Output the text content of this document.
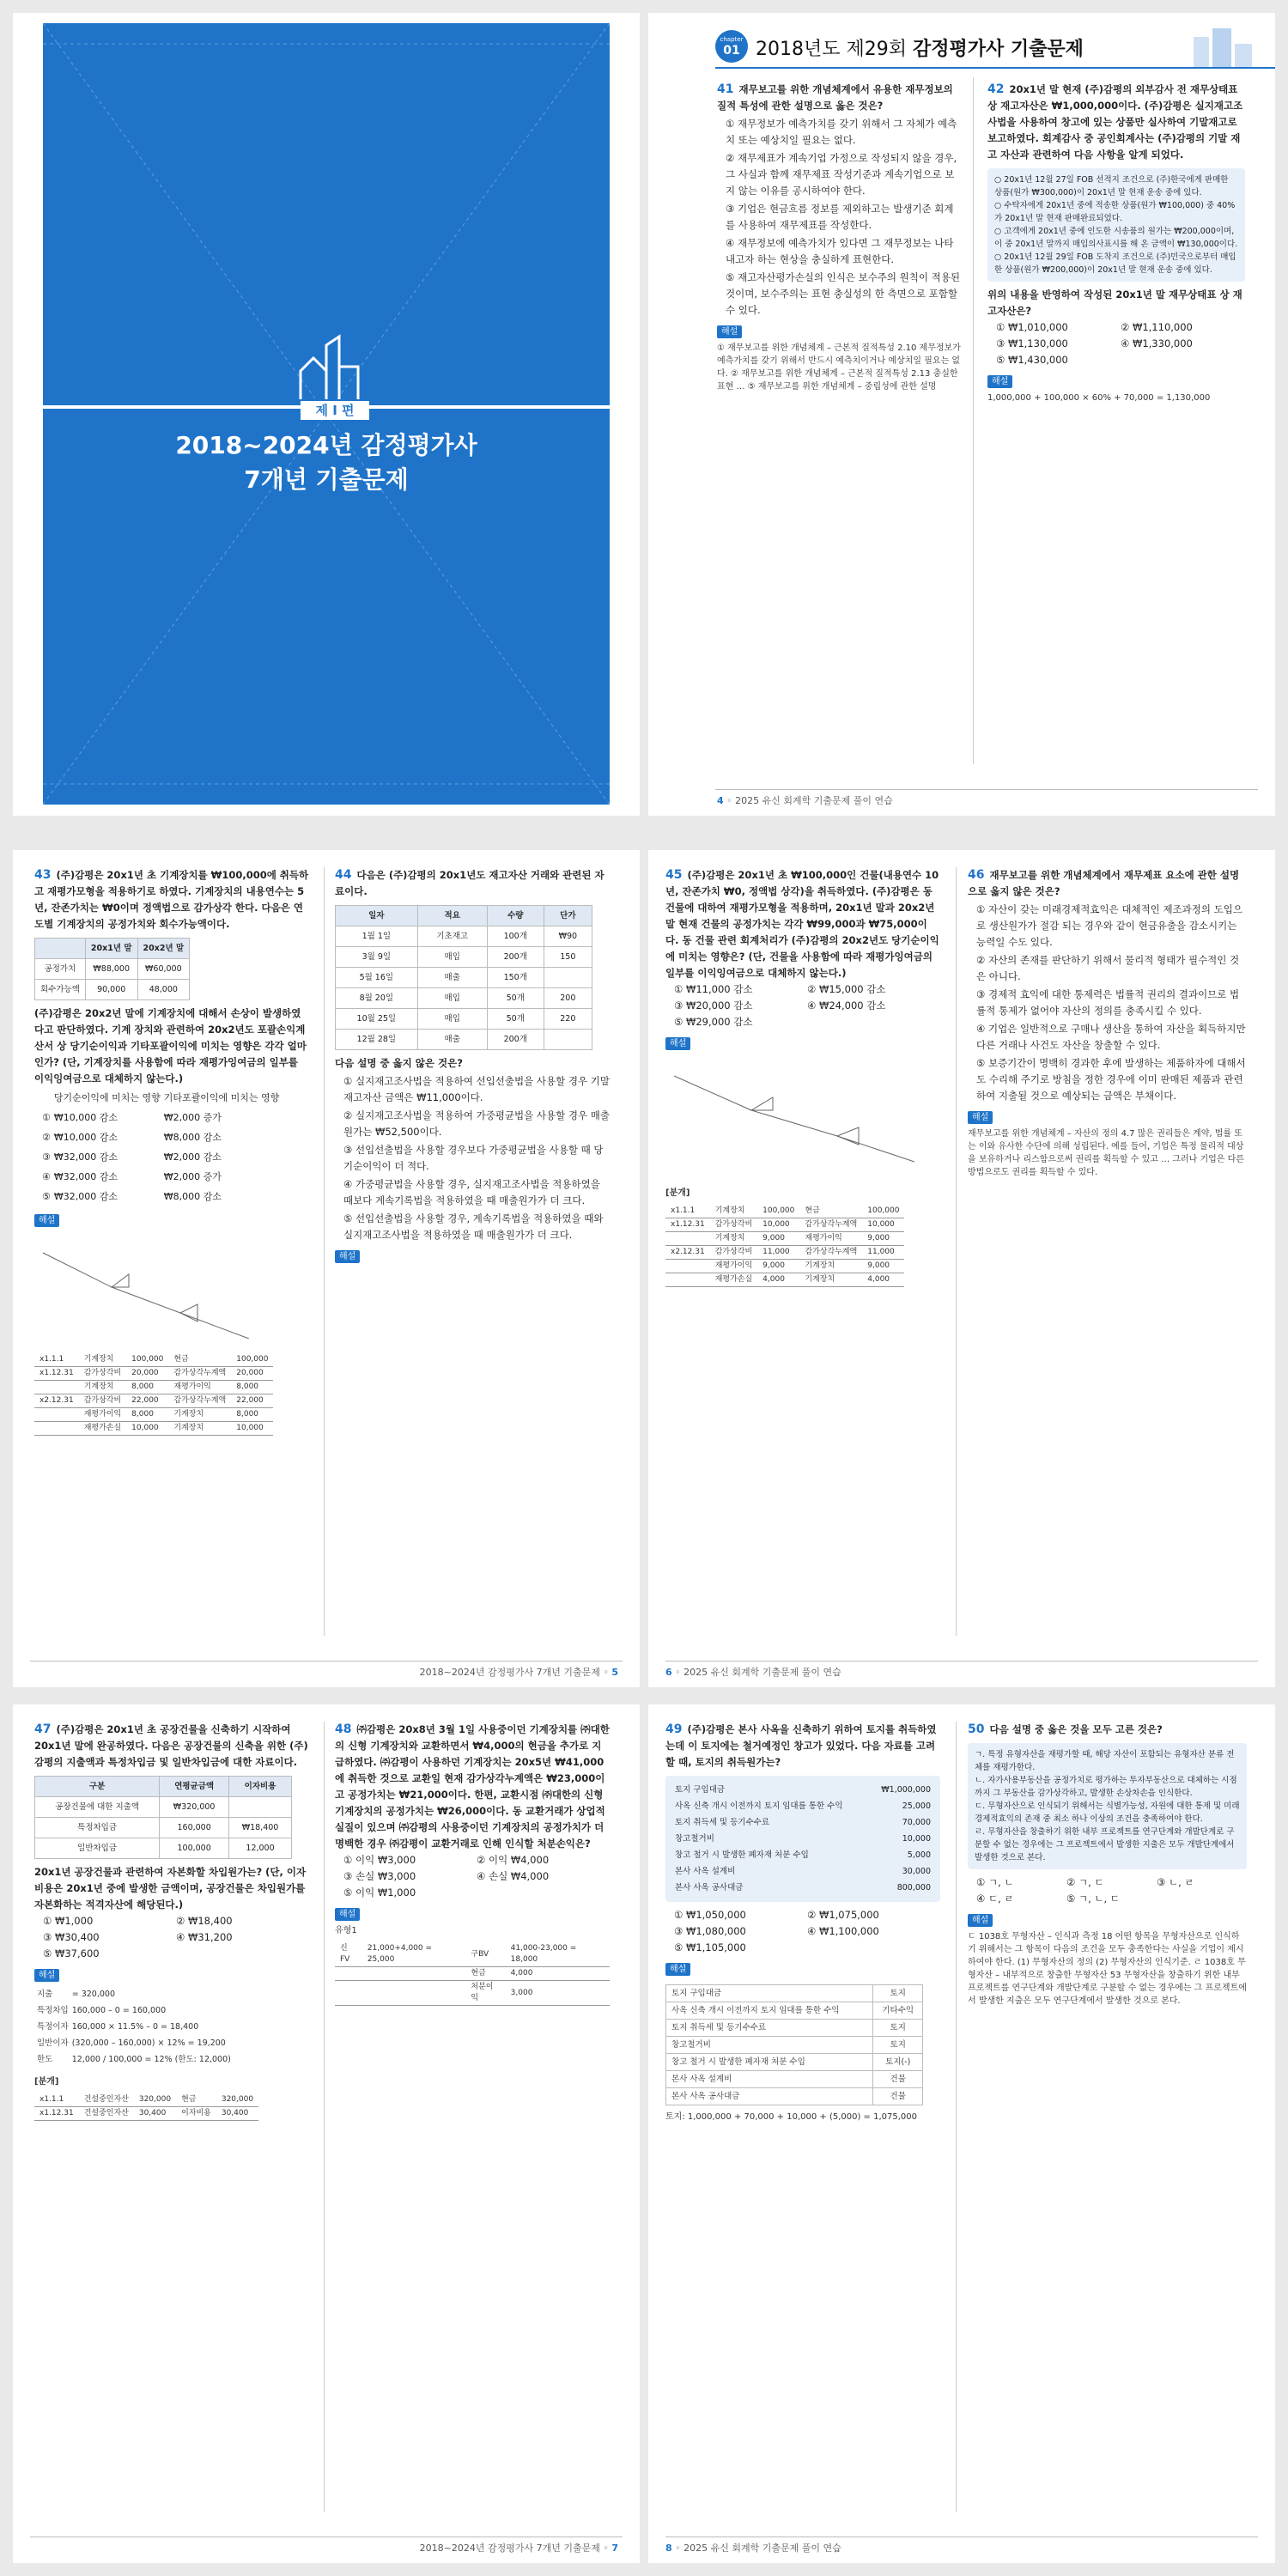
제 I 편
2018~2024년 감정평가사
7개년 기출문제
chapter
01 2018년도 제29회 감정평가사 기출문제
41 재무보고를 위한 개념체계에서 유용한 재무정보의 질적 특성에 관한 설명으로 옳은 것은?
① 재무정보가 예측가치를 갖기 위해서 그 자체가 예측치 또는 예상치일 필요는 없다.
② 재무제표가 계속기업 가정으로 작성되지 않을 경우, 그 사실과 함께 재무제표 작성기준과 계속기업으로 보지 않는 이유를 공시하여야 한다.
③ 기업은 현금흐름 정보를 제외하고는 발생기준 회계를 사용하여 재무제표를 작성한다.
④ 재무정보에 예측가치가 있다면 그 재무정보는 나타내고자 하는 현상을 충실하게 표현한다.
⑤ 재고자산평가손실의 인식은 보수주의 원칙이 적용된 것이며, 보수주의는 표현 충실성의 한 측면으로 포함할 수 있다.
해설
① 재무보고를 위한 개념체계 – 근본적 질적특성 2.10 제무정보가 예측가치를 갖기 위해서 반드시 예측치이거나 예상치일 필요는 없다. ② 재무보고를 위한 개념체계 – 근본적 질적특성 2.13 충실한 표현 … ⑤ 재무보고를 위한 개념체계 – 중립성에 관한 설명
42 20x1년 말 현재 (주)감평의 외부감사 전 재무상태표 상 재고자산은 ₩1,000,000이다. (주)감평은 실지재고조사법을 사용하여 창고에 있는 상품만 실사하여 기말재고로 보고하였다. 회계감사 중 공인회계사는 (주)감평의 기말 재고 자산과 관련하여 다음 사항을 알게 되었다.
○ 20x1년 12월 27일 FOB 선적지 조건으로 (주)한국에게 판매한 상품(원가 ₩300,000)이 20x1년 말 현재 운송 중에 있다.
○ 수탁자에게 20x1년 중에 적송한 상품(원가 ₩100,000) 중 40%가 20x1년 말 현재 판매완료되었다.
○ 고객에게 20x1년 중에 인도한 시송품의 원가는 ₩200,000이며, 이 중 20x1년 말까지 매입의사표시를 해 온 금액이 ₩130,000이다.
○ 20x1년 12월 29일 FOB 도착지 조건으로 (주)민국으로부터 매입한 상품(원가 ₩200,000)이 20x1년 말 현재 운송 중에 있다.
위의 내용을 반영하여 작성된 20x1년 말 재무상태표 상 재고자산은?
① ₩1,010,000	② ₩1,110,000
③ ₩1,130,000	④ ₩1,330,000
⑤ ₩1,430,000
해설
1,000,000 + 100,000 × 60% + 70,000 = 1,130,000
4 ◦ 2025 유신 회계학 기출문제 풀이 연습
43 (주)감평은 20x1년 초 기계장치를 ₩100,000에 취득하고 재평가모형을 적용하기로 하였다. 기계장치의 내용연수는 5년, 잔존가치는 ₩0이며 정액법으로 감가상각 한다. 다음은 연도별 기계장치의 공정가치와 회수가능액이다.
	20x1년 말	20x2년 말
공정가치	₩88,000	₩60,000
회수가능액	90,000	48,000
(주)감평은 20x2년 말에 기계장치에 대해서 손상이 발생하였다고 판단하였다. 기계 장치와 관련하여 20x2년도 포괄손익계산서 상 당기순이익과 기타포괄이익에 미치는 영향은 각각 얼마인가? (단, 기계장치를 사용함에 따라 재평가잉여금의 일부를 이익잉여금으로 대체하지 않는다.)
	당기순이익에 미치는 영향	기타포괄이익에 미치는 영향
①	₩10,000 감소	₩2,000 증가
②	₩10,000 감소	₩8,000 감소
③	₩32,000 감소	₩2,000 감소
④	₩32,000 감소	₩2,000 증가
⑤	₩32,000 감소	₩8,000 감소
해설
x1.1.1	기계장치	100,000	현금	100,000
x1.12.31	감가상각비	20,000	감가상각누계액	20,000
	기계장치	8,000	재평가이익	8,000
x2.12.31	감가상각비	22,000	감가상각누계액	22,000
	재평가이익	8,000	기계장치	8,000
	재평가손실	10,000	기계장치	10,000
44 다음은 (주)감평의 20x1년도 재고자산 거래와 관련된 자료이다.
일자	적요	수량	단가
1월 1일	기초재고	100개	₩90
3월 9일	매입	200개	150
5월 16일	매출	150개	
8월 20일	매입	50개	200
10월 25일	매입	50개	220
12월 28일	매출	200개	
다음 설명 중 옳지 않은 것은?
① 실지재고조사법을 적용하여 선입선출법을 사용할 경우 기말재고자산 금액은 ₩11,000이다.
② 실지재고조사법을 적용하여 가중평균법을 사용할 경우 매출원가는 ₩52,500이다.
③ 선입선출법을 사용할 경우보다 가중평균법을 사용할 때 당기순이익이 더 적다.
④ 가중평균법을 사용할 경우, 실지재고조사법을 적용하였을 때보다 계속기록법을 적용하였을 때 매출원가가 더 크다.
⑤ 선입선출법을 사용할 경우, 계속기록법을 적용하였을 때와 실지재고조사법을 적용하였을 때 매출원가가 더 크다.
해설
2018~2024년 감정평가사 7개년 기출문제 ◦ 5
45 (주)감평은 20x1년 초 ₩100,000인 건물(내용연수 10년, 잔존가치 ₩0, 정액법 상각)을 취득하였다. (주)감평은 동 건물에 대하여 재평가모형을 적용하며, 20x1년 말과 20x2년 말 현재 건물의 공정가치는 각각 ₩99,000과 ₩75,000이다. 동 건물 관련 회계처리가 (주)감평의 20x2년도 당기순이익에 미치는 영향은? (단, 건물을 사용함에 따라 재평가잉여금의 일부를 이익잉여금으로 대체하지 않는다.)
① ₩11,000 감소	② ₩15,000 감소
③ ₩20,000 감소	④ ₩24,000 감소
⑤ ₩29,000 감소
해설
[분개]
x1.1.1	기계장치	100,000	현금	100,000
x1.12.31	감가상각비	10,000	감가상각누계액	10,000
	기계장치	9,000	재평가이익	9,000
x2.12.31	감가상각비	11,000	감가상각누계액	11,000
	재평가이익	9,000	기계장치	9,000
	재평가손실	4,000	기계장치	4,000
46 재무보고를 위한 개념체계에서 재무제표 요소에 관한 설명으로 옳지 않은 것은?
① 자산이 갖는 미래경제적효익은 대체적인 제조과정의 도입으로 생산원가가 절감 되는 경우와 같이 현금유출을 감소시키는 능력일 수도 있다.
② 자산의 존재를 판단하기 위해서 물리적 형태가 필수적인 것은 아니다.
③ 경제적 효익에 대한 통제력은 법률적 권리의 결과이므로 법률적 통제가 없어야 자산의 정의를 충족시킬 수 있다.
④ 기업은 일반적으로 구매나 생산을 통하여 자산을 획득하지만 다른 거래나 사건도 자산을 창출할 수 있다.
⑤ 보증기간이 명백히 경과한 후에 발생하는 제품하자에 대해서도 수리해 주기로 방침을 정한 경우에 이미 판매된 제품과 관련하여 지출될 것으로 예상되는 금액은 부채이다.
해설
재무보고를 위한 개념체계 – 자산의 정의 4.7 많은 권리들은 계약, 법률 또는 이와 유사한 수단에 의해 성립된다. 예를 들어, 기업은 특정 물리적 대상을 보유하거나 리스함으로써 권리를 획득할 수 있고 … 그러나 기업은 다른 방법으로도 권리를 획득할 수 있다.
6 ◦ 2025 유신 회계학 기출문제 풀이 연습
47 (주)감평은 20x1년 초 공장건물을 신축하기 시작하여 20x1년 말에 완공하였다. 다음은 공장건물의 신축을 위한 (주)감평의 지출액과 특정차입금 및 일반차입금에 대한 자료이다.
구분	연평균금액	이자비용
공장건물에 대한 지출액	₩320,000	
특정차입금	160,000	₩18,400
일반차입금	100,000	12,000
20x1년 공장건물과 관련하여 자본화할 차입원가는? (단, 이자비용은 20x1년 중에 발생한 금액이며, 공장건물은 차입원가를 자본화하는 적격자산에 해당된다.)
① ₩1,000	② ₩18,400
③ ₩30,400	④ ₩31,200
⑤ ₩37,600
해설
지출	= 320,000
특정차입	160,000 – 0 = 160,000
특정이자	160,000 × 11.5% – 0 = 18,400
일반이자	(320,000 – 160,000) × 12% = 19,200
한도	12,000 / 100,000 = 12% (한도: 12,000)
[분개]
x1.1.1	건설중인자산	320,000	현금	320,000
x1.12.31	건설중인자산	30,400	이자비용	30,400
48 ㈜감평은 20x8년 3월 1일 사용중이던 기계장치를 ㈜대한의 신형 기계장치와 교환하면서 ₩4,000의 현금을 추가로 지급하였다. ㈜감평이 사용하던 기계장치는 20x5년 ₩41,000에 취득한 것으로 교환일 현재 감가상각누계액은 ₩23,000이고 공정가치는 ₩21,000이다. 한편, 교환시점 ㈜대한의 신형 기계장치의 공정가치는 ₩26,000이다. 동 교환거래가 상업적 실질이 있으며 ㈜감평의 사용중이던 기계장치의 공정가치가 더 명백한 경우 ㈜감평이 교환거래로 인해 인식할 처분손익은?
① 이익 ₩3,000	② 이익 ₩4,000
③ 손실 ₩3,000	④ 손실 ₩4,000
⑤ 이익 ₩1,000
해설
유형1
신FV	21,000+4,000 = 25,000	구BV	41,000-23,000 = 18,000
		현금	4,000
		처분이익	3,000
2018~2024년 감정평가사 7개년 기출문제 ◦ 7
49 (주)감평은 본사 사옥을 신축하기 위하여 토지를 취득하였는데 이 토지에는 철거예정인 창고가 있었다. 다음 자료를 고려할 때, 토지의 취득원가는?
토지 구입대금	₩1,000,000
사옥 신축 개시 이전까지 토지 임대를 통한 수익	25,000
토지 취득세 및 등기수수료	70,000
창고철거비	10,000
창고 철거 시 발생한 폐자재 처분 수입	5,000
본사 사옥 설계비	30,000
본사 사옥 공사대금	800,000
① ₩1,050,000	② ₩1,075,000
③ ₩1,080,000	④ ₩1,100,000
⑤ ₩1,105,000
해설
토지 구입대금	토지
사옥 신축 개시 이전까지 토지 임대를 통한 수익	기타수익
토지 취득세 및 등기수수료	토지
창고철거비	토지
창고 철거 시 발생한 폐자재 처분 수입	토지(-)
본사 사옥 설계비	건물
본사 사옥 공사대금	건물
토지: 1,000,000 + 70,000 + 10,000 + (5,000) = 1,075,000
50 다음 설명 중 옳은 것을 모두 고른 것은?
ㄱ. 특정 유형자산을 재평가할 때, 해당 자산이 포함되는 유형자산 분류 전체를 재평가한다.
ㄴ. 자가사용부동산을 공정가치로 평가하는 투자부동산으로 대체하는 시점 까지 그 부동산을 감가상각하고, 발생한 손상차손을 인식한다.
ㄷ. 무형자산으로 인식되기 위해서는 식별가능성, 자원에 대한 통제 및 미래경제적효익의 존재 중 최소 하나 이상의 조건을 충족하여야 한다.
ㄹ. 무형자산을 창출하기 위한 내부 프로젝트를 연구단계와 개발단계로 구분할 수 없는 경우에는 그 프로젝트에서 발생한 지출은 모두 개발단계에서 발생한 것으로 본다.
① ㄱ, ㄴ	② ㄱ, ㄷ	③ ㄴ, ㄹ
④ ㄷ, ㄹ	⑤ ㄱ, ㄴ, ㄷ
해설
ㄷ 1038호 무형자산 – 인식과 측정 18 어떤 항목을 무형자산으로 인식하기 위해서는 그 항목이 다음의 조건을 모두 충족한다는 사실을 기업이 제시하여야 한다. (1) 무형자산의 정의 (2) 무형자산의 인식기준. ㄹ 1038호 무형자산 – 내부적으로 창출한 무형자산 53 무형자산을 창출하기 위한 내부 프로젝트를 연구단계와 개발단계로 구분할 수 없는 경우에는 그 프로젝트에서 발생한 지출은 모두 연구단계에서 발생한 것으로 본다.
8 ◦ 2025 유신 회계학 기출문제 풀이 연습
